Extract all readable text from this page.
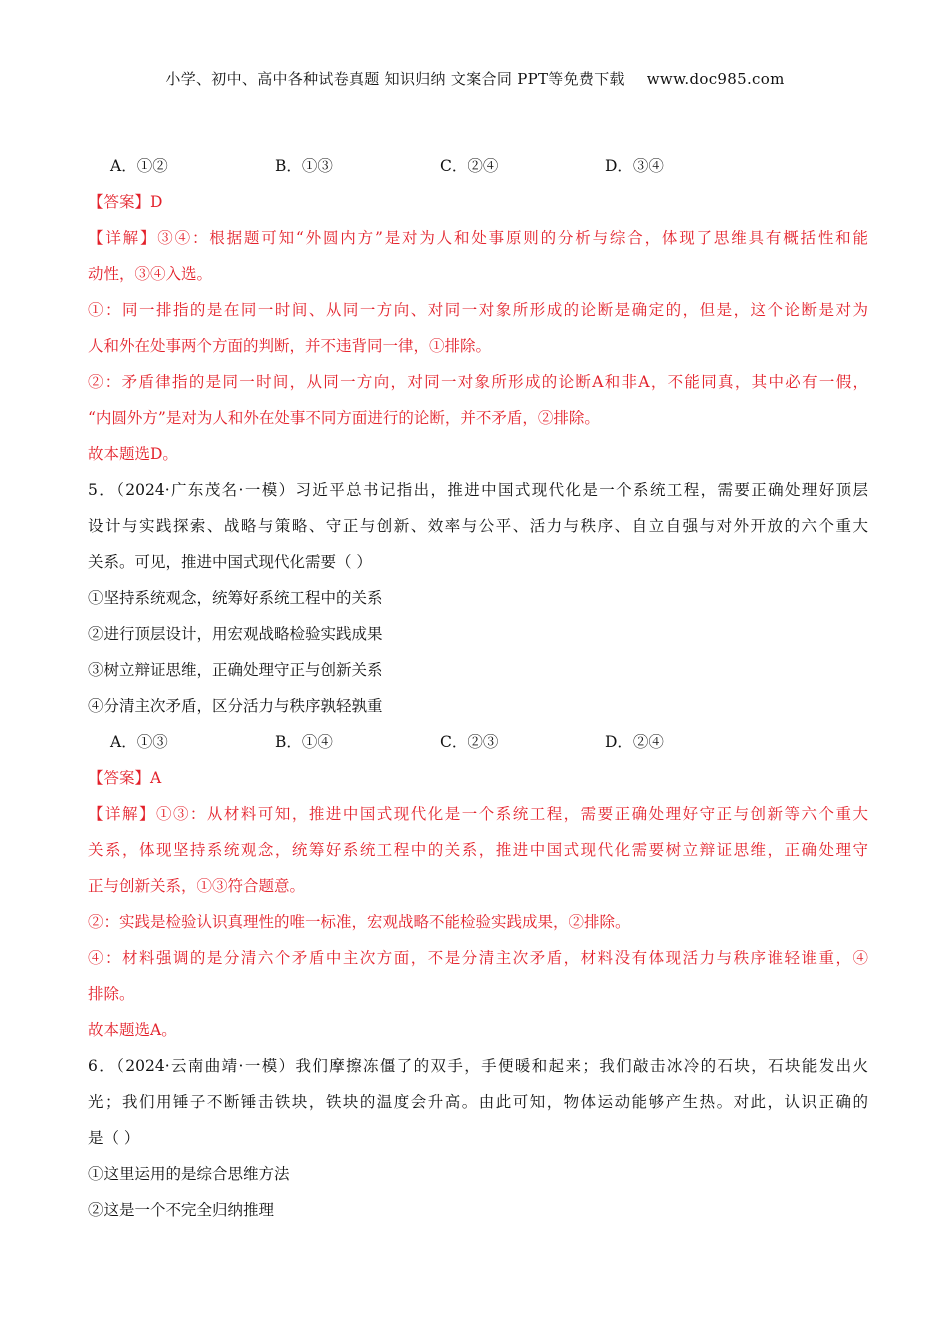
小学、初中、高中各种试卷真题 知识归纳 文案合同 PPT等免费下载 www.doc985.com
A．①②	B．①③	C．②④	D．③④
【答案】D
【详解】③④：根据题可知“外圆内方”是对为人和处事原则的分析与综合，体现了思维具有概括性和能
动性，③④入选。
①：同一排指的是在同一时间、从同一方向、对同一对象所形成的论断是确定的，但是，这个论断是对为
人和外在处事两个方面的判断，并不违背同一律，①排除。
②：矛盾律指的是同一时间，从同一方向，对同一对象所形成的论断A和非A，不能同真，其中必有一假，
“内圆外方”是对为人和外在处事不同方面进行的论断，并不矛盾，②排除。
故本题选D。
5．（2024·广东茂名·一模）习近平总书记指出，推进中国式现代化是一个系统工程，需要正确处理好顶层
设计与实践探索、战略与策略、守正与创新、效率与公平、活力与秩序、自立自强与对外开放的六个重大
关系。可见，推进中国式现代化需要（ ）
①坚持系统观念，统筹好系统工程中的关系
②进行顶层设计，用宏观战略检验实践成果
③树立辩证思维，正确处理守正与创新关系
④分清主次矛盾，区分活力与秩序孰轻孰重
A．①③	B．①④	C．②③	D．②④
【答案】A
【详解】①③：从材料可知，推进中国式现代化是一个系统工程，需要正确处理好守正与创新等六个重大
关系，体现坚持系统观念，统筹好系统工程中的关系，推进中国式现代化需要树立辩证思维，正确处理守
正与创新关系，①③符合题意。
②：实践是检验认识真理性的唯一标准，宏观战略不能检验实践成果，②排除。
④：材料强调的是分清六个矛盾中主次方面，不是分清主次矛盾，材料没有体现活力与秩序谁轻谁重，④
排除。
故本题选A。
6．（2024·云南曲靖·一模）我们摩擦冻僵了的双手，手便暖和起来；我们敲击冰冷的石块，石块能发出火
光；我们用锤子不断锤击铁块，铁块的温度会升高。由此可知，物体运动能够产生热。对此，认识正确的
是（ ）
①这里运用的是综合思维方法
②这是一个不完全归纳推理
